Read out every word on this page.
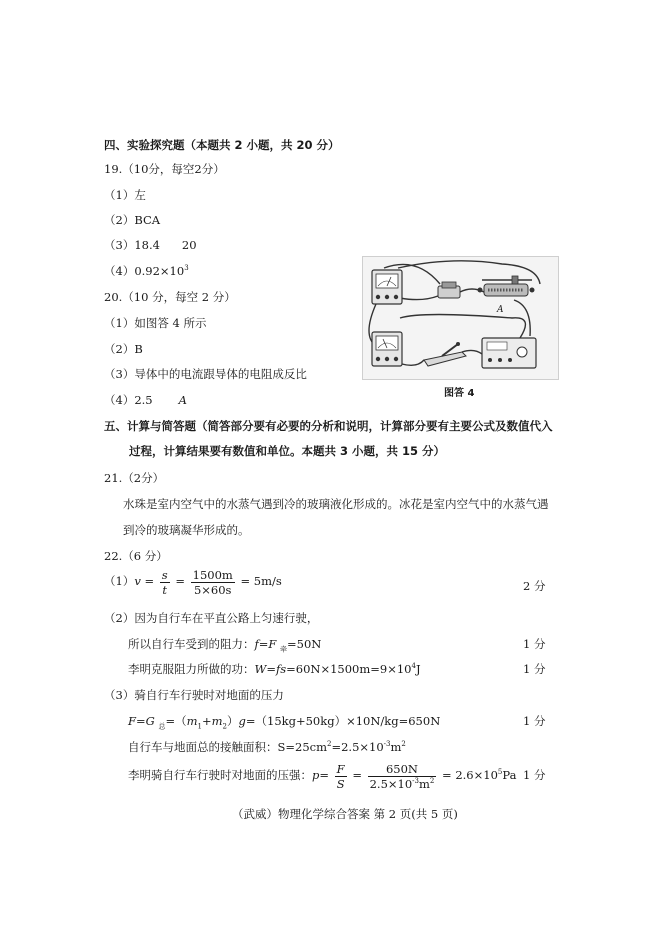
四、实验探究题（本题共 2 小题，共 20 分）
19.（10分，每空2分）
（1）左
（2）BCA
（3）18.4 20
$(4)0.92\times 10^3$
20.（10 分，每空 2 分）
（1）如图答 4 所示
（2）B
（3）导体中的电流跟导体的电阻成反比
（4）2.5 A
A
图答 4
五、计算与简答题（简答部分要有必要的分析和说明，计算部分要有主要公式及数值代入
过程，计算结果要有数值和单位。本题共 3 小题，共 15 分）
21.（2分）
水珠是室内空气中的水蒸气遇到冷的玻璃液化形成的。冰花是室内空气中的水蒸气遇
到冷的玻璃凝华形成的。
22.（6 分）
$(1)v = \frac{s}{t} = \frac{1500m}{5\times 60s} = 5m/s$	2 分
（2）因为自行车在平直公路上匀速行驶，
所以自行车受到的阻力：f=F $_牵$=50N	1 分
李明克服阻力所做的功：$W=fs=60N\times 1500m=9\times 10^4J$	1 分
（3）骑自行车行驶时对地面的压力
F=G $_总=(m_1+m_2)g=(15kg+50kg)\times 10N/kg=650N$	1 分
自行车与地面总的接触面积：$S=25cm^2=2.5\times 10^{-3}m^2$
李明骑自行车行驶时对地面的压强：$p= \frac{F}{S} = \frac{650N}{2.5\times 10^{-3}m^2} = 2.6\times 10^5Pa$ 1 分
（武威）物理化学综合答案 第 2 页(共 5 页)
